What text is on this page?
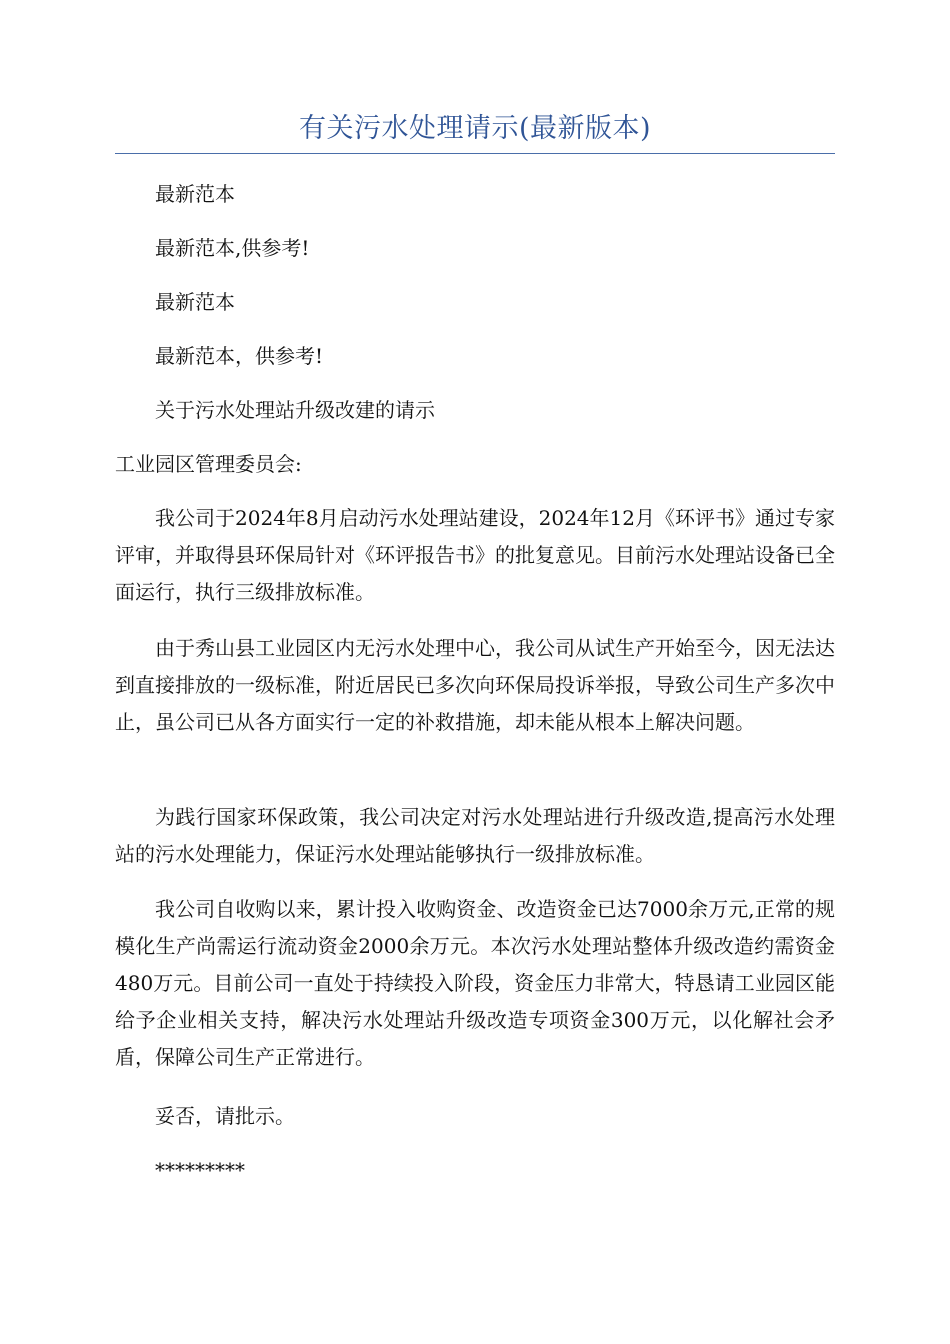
有关污水处理请示(最新版本)

最新范本

最新范本,供参考!

最新范本

最新范本，供参考!

关于污水处理站升级改建的请示

工业园区管理委员会:

我公司于2024年8月启动污水处理站建设，2024年12月《环评书》通过专家评审，并取得县环保局针对《环评报告书》的批复意见。目前污水处理站设备已全面运行，执行三级排放标准。

由于秀山县工业园区内无污水处理中心，我公司从试生产开始至今，因无法达到直接排放的一级标准，附近居民已多次向环保局投诉举报，导致公司生产多次中止，虽公司已从各方面实行一定的补救措施，却未能从根本上解决问题。

为践行国家环保政策，我公司决定对污水处理站进行升级改造,提高污水处理站的污水处理能力，保证污水处理站能够执行一级排放标准。

我公司自收购以来，累计投入收购资金、改造资金已达7000余万元,正常的规模化生产尚需运行流动资金2000余万元。本次污水处理站整体升级改造约需资金480万元。目前公司一直处于持续投入阶段，资金压力非常大，特恳请工业园区能给予企业相关支持，解决污水处理站升级改造专项资金300万元，以化解社会矛盾，保障公司生产正常进行。

妥否，请批示。

*********
